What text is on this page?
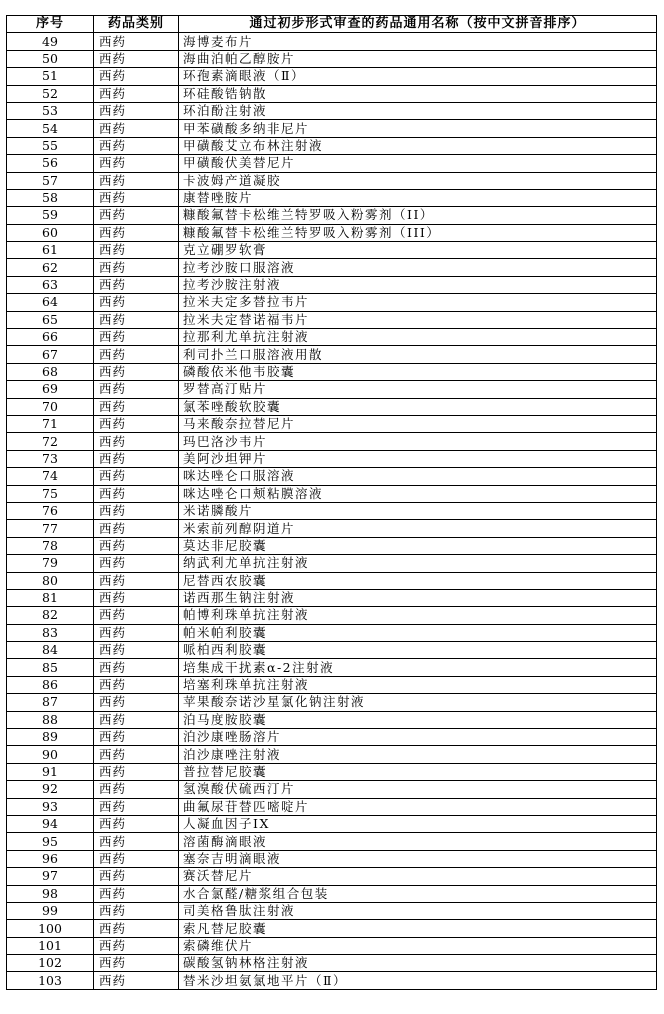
序号	药品类别	通过初步形式审查的药品通用名称（按中文拼音排序）
49	西药	海博麦布片
50	西药	海曲泊帕乙醇胺片
51	西药	环孢素滴眼液（Ⅱ）
52	西药	环硅酸锆钠散
53	西药	环泊酚注射液
54	西药	甲苯磺酸多纳非尼片
55	西药	甲磺酸艾立布林注射液
56	西药	甲磺酸伏美替尼片
57	西药	卡波姆产道凝胶
58	西药	康替唑胺片
59	西药	糠酸氟替卡松维兰特罗吸入粉雾剂（II）
60	西药	糠酸氟替卡松维兰特罗吸入粉雾剂（III）
61	西药	克立硼罗软膏
62	西药	拉考沙胺口服溶液
63	西药	拉考沙胺注射液
64	西药	拉米夫定多替拉韦片
65	西药	拉米夫定替诺福韦片
66	西药	拉那利尤单抗注射液
67	西药	利司扑兰口服溶液用散
68	西药	磷酸依米他韦胶囊
69	西药	罗替高汀贴片
70	西药	氯苯唑酸软胶囊
71	西药	马来酸奈拉替尼片
72	西药	玛巴洛沙韦片
73	西药	美阿沙坦钾片
74	西药	咪达唑仑口服溶液
75	西药	咪达唑仑口颊粘膜溶液
76	西药	米诺膦酸片
77	西药	米索前列醇阴道片
78	西药	莫达非尼胶囊
79	西药	纳武利尤单抗注射液
80	西药	尼替西农胶囊
81	西药	诺西那生钠注射液
82	西药	帕博利珠单抗注射液
83	西药	帕米帕利胶囊
84	西药	哌柏西利胶囊
85	西药	培集成干扰素α-2注射液
86	西药	培塞利珠单抗注射液
87	西药	苹果酸奈诺沙星氯化钠注射液
88	西药	泊马度胺胶囊
89	西药	泊沙康唑肠溶片
90	西药	泊沙康唑注射液
91	西药	普拉替尼胶囊
92	西药	氢溴酸伏硫西汀片
93	西药	曲氟尿苷替匹嘧啶片
94	西药	人凝血因子IX
95	西药	溶菌酶滴眼液
96	西药	塞奈吉明滴眼液
97	西药	赛沃替尼片
98	西药	水合氯醛/糖浆组合包装
99	西药	司美格鲁肽注射液
100	西药	索凡替尼胶囊
101	西药	索磷维伏片
102	西药	碳酸氢钠林格注射液
103	西药	替米沙坦氨氯地平片（Ⅱ）
